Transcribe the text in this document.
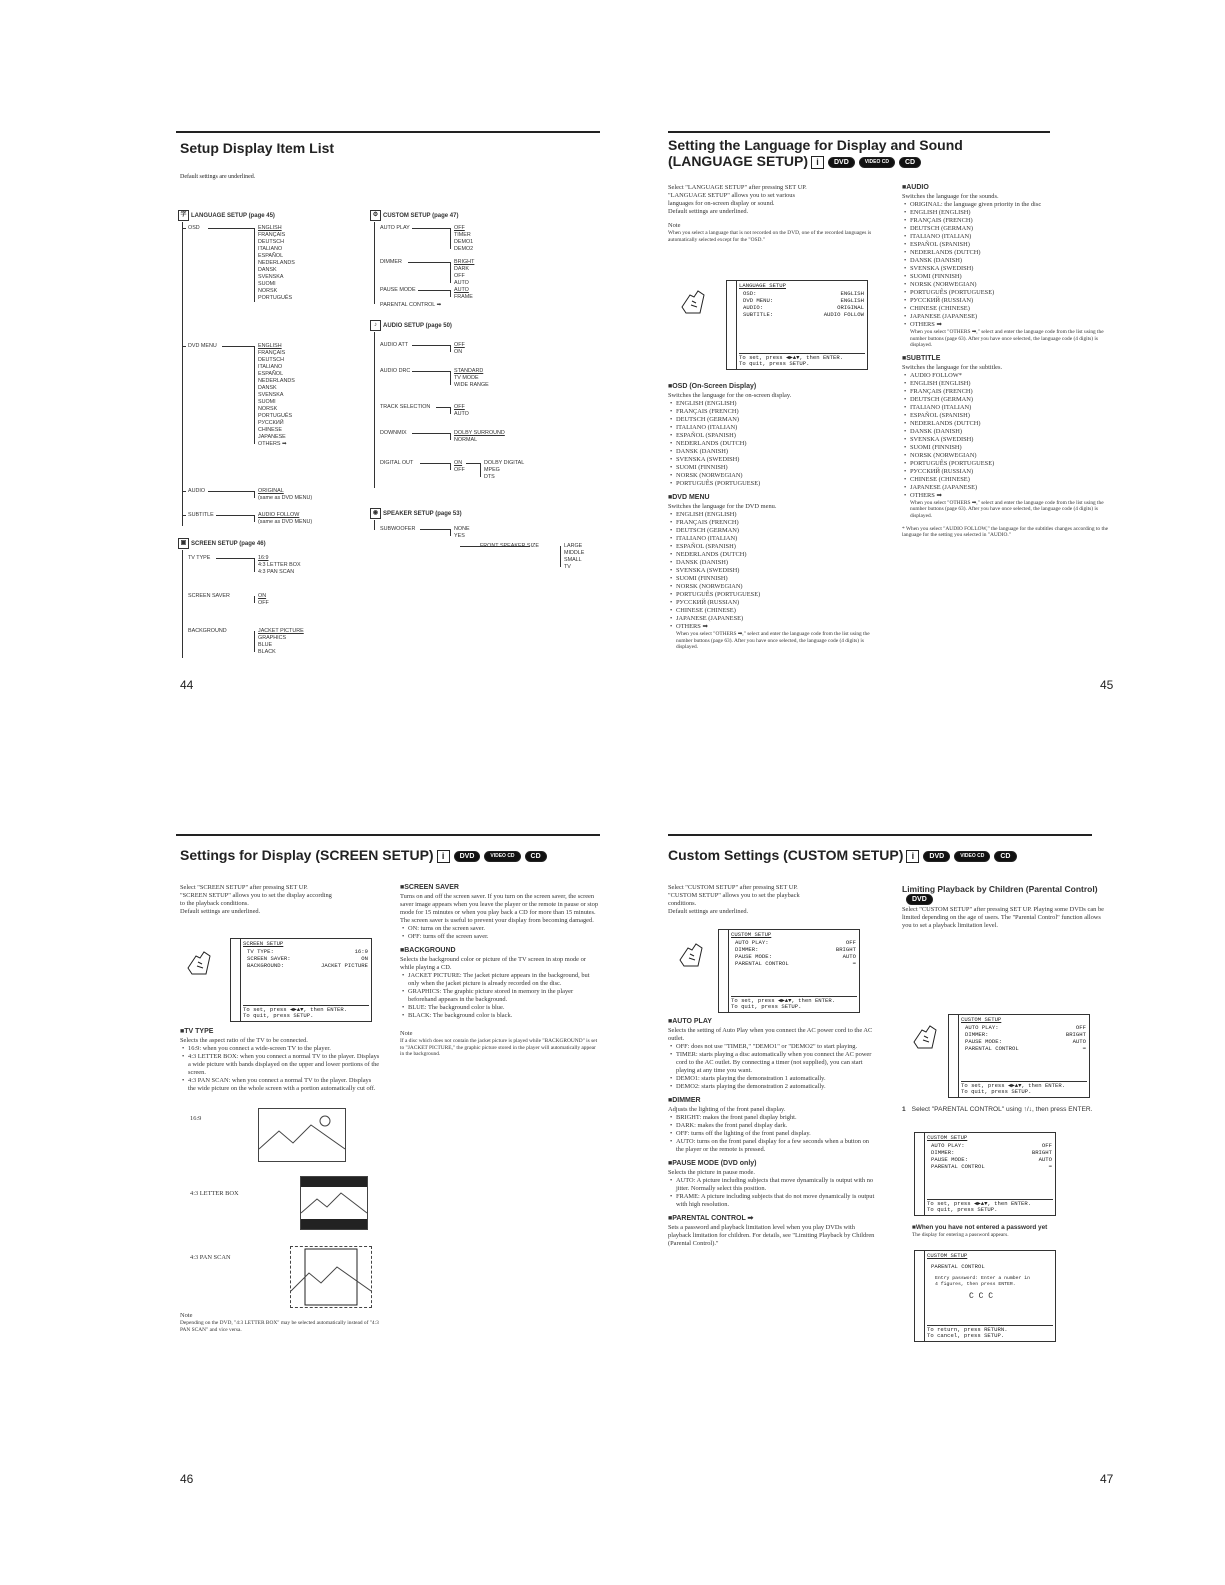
Setup Display Item List
Default settings are underlined.
字 LANGUAGE SETUP (page 45)
OSD	ENGLISH
FRANÇAIS
DEUTSCH
ITALIANO
ESPAÑOL
NEDERLANDS
DANSK
SVENSKA
SUOMI
NORSK
PORTUGUÊS
DVD MENU	ENGLISH
FRANÇAIS
DEUTSCH
ITALIANO
ESPAÑOL
NEDERLANDS
DANSK
SVENSKA
SUOMI
NORSK
PORTUGUÊS
РУССКИЙ
CHINESE
JAPANESE
OTHERS ➡
AUDIO	ORIGINAL
(same as DVD MENU)
SUBTITLE	AUDIO FOLLOW
(same as DVD MENU)
▣ SCREEN SETUP (page 46)
TV TYPE	16:9
4:3 LETTER BOX
4:3 PAN SCAN
SCREEN SAVER	ON
OFF
BACKGROUND	JACKET PICTURE
GRAPHICS
BLUE
BLACK
⚙ CUSTOM SETUP (page 47)
AUTO PLAY	OFF
TIMER
DEMO1
DEMO2
DIMMER	BRIGHT
DARK
OFF
AUTO
PAUSE MODE	AUTO
FRAME
PARENTAL CONTROL ➡
♪ AUDIO SETUP (page 50)
AUDIO ATT	OFF
ON
AUDIO DRC	STANDARD
TV MODE
WIDE RANGE
TRACK SELECTION	OFF
AUTO
DOWNMIX	DOLBY SURROUND
NORMAL
DIGITAL OUT	ON
OFF
DOLBY DIGITAL
MPEG
DTS
◉ SPEAKER SETUP (page 53)
SUBWOOFER	NONE
YES
FRONT SPEAKER SIZE	LARGE
MIDDLE
SMALL
TV
44
Setting the Language for Display and Sound
(LANGUAGE SETUP) i DVD	VIDEO CD CD

Select "LANGUAGE SETUP" after pressing SET UP.

"LANGUAGE SETUP" allows you to set various

languages for on-screen display or sound.

Default settings are underlined.

Note

When you select a language that is not recorded on the DVD, one of the recorded languages is automatically selected except for the "OSD."

LANGUAGE SETUP
OSD:	ENGLISH
DVD MENU:	ENGLISH
AUDIO:	ORIGINAL
SUBTITLE:	AUDIO FOLLOW
To set, press ◀▶▲▼, then ENTER.
To quit, press SETUP.
■OSD (On-Screen Display)

Switches the language for the on-screen display.

• ENGLISH (ENGLISH)
• FRANÇAIS (FRENCH)
• DEUTSCH (GERMAN)
• ITALIANO (ITALIAN)
• ESPAÑOL (SPANISH)
• NEDERLANDS (DUTCH)
• DANSK (DANISH)
• SVENSKA (SWEDISH)
• SUOMI (FINNISH)
• NORSK (NORWEGIAN)
• PORTUGUÊS (PORTUGUESE)
■DVD MENU

Switches the language for the DVD menu.

• ENGLISH (ENGLISH)
• FRANÇAIS (FRENCH)
• DEUTSCH (GERMAN)
• ITALIANO (ITALIAN)
• ESPAÑOL (SPANISH)
• NEDERLANDS (DUTCH)
• DANSK (DANISH)
• SVENSKA (SWEDISH)
• SUOMI (FINNISH)
• NORSK (NORWEGIAN)
• PORTUGUÊS (PORTUGUESE)
• РУССКИЙ (RUSSIAN)
• CHINESE (CHINESE)
• JAPANESE (JAPANESE)
• OTHERS ➡

When you select "OTHERS ➡," select and enter the language code from the list using the number buttons (page 63). After you have once selected, the language code (4 digits) is displayed.

■AUDIO

Switches the language for the sounds.

• ORIGINAL: the language given priority in the disc
• ENGLISH (ENGLISH)
• FRANÇAIS (FRENCH)
• DEUTSCH (GERMAN)
• ITALIANO (ITALIAN)
• ESPAÑOL (SPANISH)
• NEDERLANDS (DUTCH)
• DANSK (DANISH)
• SVENSKA (SWEDISH)
• SUOMI (FINNISH)
• NORSK (NORWEGIAN)
• PORTUGUÊS (PORTUGUESE)
• РУССКИЙ (RUSSIAN)
• CHINESE (CHINESE)
• JAPANESE (JAPANESE)
• OTHERS ➡

When you select "OTHERS ➡," select and enter the language code from the list using the number buttons (page 63). After you have once selected, the language code (4 digits) is displayed.

■SUBTITLE

Switches the language for the subtitles.

• AUDIO FOLLOW*
• ENGLISH (ENGLISH)
• FRANÇAIS (FRENCH)
• DEUTSCH (GERMAN)
• ITALIANO (ITALIAN)
• ESPAÑOL (SPANISH)
• NEDERLANDS (DUTCH)
• DANSK (DANISH)
• SVENSKA (SWEDISH)
• SUOMI (FINNISH)
• NORSK (NORWEGIAN)
• PORTUGUÊS (PORTUGUESE)
• РУССКИЙ (RUSSIAN)
• CHINESE (CHINESE)
• JAPANESE (JAPANESE)
• OTHERS ➡

When you select "OTHERS ➡," select and enter the language code from the list using the number buttons (page 63). After you have once selected, the language code (4 digits) is displayed.

* When you select "AUDIO FOLLOW," the language for the subtitles changes according to the language for the setting you selected in "AUDIO."

45
Settings for Display (SCREEN SETUP) i DVD	VIDEO CD CD

Select "SCREEN SETUP" after pressing SET UP.

"SCREEN SETUP" allows you to set the display according

to the playback conditions.

Default settings are underlined.

SCREEN SETUP
TV TYPE:	16:9
SCREEN SAVER:	ON
BACKGROUND:	JACKET PICTURE
To set, press ◀▶▲▼, then ENTER.
To quit, press SETUP.
■TV TYPE

Selects the aspect ratio of the TV to be connected.

• 16:9: when you connect a wide-screen TV to the player.
• 4:3 LETTER BOX: when you connect a normal TV to the player. Displays a wide picture with bands displayed on the upper and lower portions of the screen.
• 4:3 PAN SCAN: when you connect a normal TV to the player. Displays the wide picture on the whole screen with a portion automatically cut off.
16:9
4:3 LETTER BOX
4:3 PAN SCAN

Note

Depending on the DVD, "4:3 LETTER BOX" may be selected automatically instead of "4:3 PAN SCAN" and vice versa.

■SCREEN SAVER

Turns on and off the screen saver. If you turn on the screen saver, the screen saver image appears when you leave the player or the remote in pause or stop mode for 15 minutes or when you play back a CD for more than 15 minutes. The screen saver is useful to prevent your display from becoming damaged.

• ON: turns on the screen saver.
• OFF: turns off the screen saver.
■BACKGROUND

Selects the background color or picture of the TV screen in stop mode or while playing a CD.

• JACKET PICTURE: The jacket picture appears in the background, but only when the jacket picture is already recorded on the disc.
• GRAPHICS: The graphic picture stored in memory in the player beforehand appears in the background.
• BLUE: The background color is blue.
• BLACK: The background color is black.

Note

If a disc which does not contain the jacket picture is played while "BACKGROUND" is set to "JACKET PICTURE," the graphic picture stored in the player will automatically appear in the background.

46
Custom Settings (CUSTOM SETUP) i DVD	VIDEO CD CD

Select "CUSTOM SETUP" after pressing SET UP.

"CUSTOM SETUP" allows you to set the playback

conditions.

Default settings are underlined.

CUSTOM SETUP
AUTO PLAY:	OFF
DIMMER:	BRIGHT
PAUSE MODE:	AUTO
PARENTAL CONTROL	➡
To set, press ◀▶▲▼, then ENTER.
To quit, press SETUP.
■AUTO PLAY

Selects the setting of Auto Play when you connect the AC power cord to the AC outlet.

• OFF: does not use "TIMER," "DEMO1" or "DEMO2" to start playing.
• TIMER: starts playing a disc automatically when you connect the AC power cord to the AC outlet. By connecting a timer (not supplied), you can start playing at any time you want.
• DEMO1: starts playing the demonstration 1 automatically.
• DEMO2: starts playing the demonstration 2 automatically.
■DIMMER

Adjusts the lighting of the front panel display.

• BRIGHT: makes the front panel display bright.
• DARK: makes the front panel display dark.
• OFF: turns off the lighting of the front panel display.
• AUTO: turns on the front panel display for a few seconds when a button on the player or the remote is pressed.
■PAUSE MODE (DVD only)

Selects the picture in pause mode.

• AUTO: A picture including subjects that move dynamically is output with no jitter. Normally select this position.
• FRAME: A picture including subjects that do not move dynamically is output with high resolution.
■PARENTAL CONTROL ➡

Sets a password and playback limitation level when you play DVDs with playback limitation for children. For details, see "Limiting Playback by Children (Parental Control)."

Limiting Playback by Children (Parental Control)DVD

Select "CUSTOM SETUP" after pressing SET UP. Playing some DVDs can be limited depending on the age of users. The "Parental Control" function allows you to set a playback limitation level.

CUSTOM SETUP
AUTO PLAY:	OFF
DIMMER:	BRIGHT
PAUSE MODE:	AUTO
PARENTAL CONTROL	➡
To set, press ◀▶▲▼, then ENTER.
To quit, press SETUP.

1 Select "PARENTAL CONTROL" using ↑/↓, then press ENTER.

CUSTOM SETUP
AUTO PLAY:	OFF
DIMMER:	BRIGHT
PAUSE MODE:	AUTO
PARENTAL CONTROL	➡
To set, press ◀▶▲▼, then ENTER.
To quit, press SETUP.

■When you have not entered a password yet

The display for entering a password appears.

CUSTOM SETUP
PARENTAL CONTROL
Entry password: Enter a number in
4 figures, then press ENTER.
C C C
To return, press RETURN.
To cancel, press SETUP.
47
